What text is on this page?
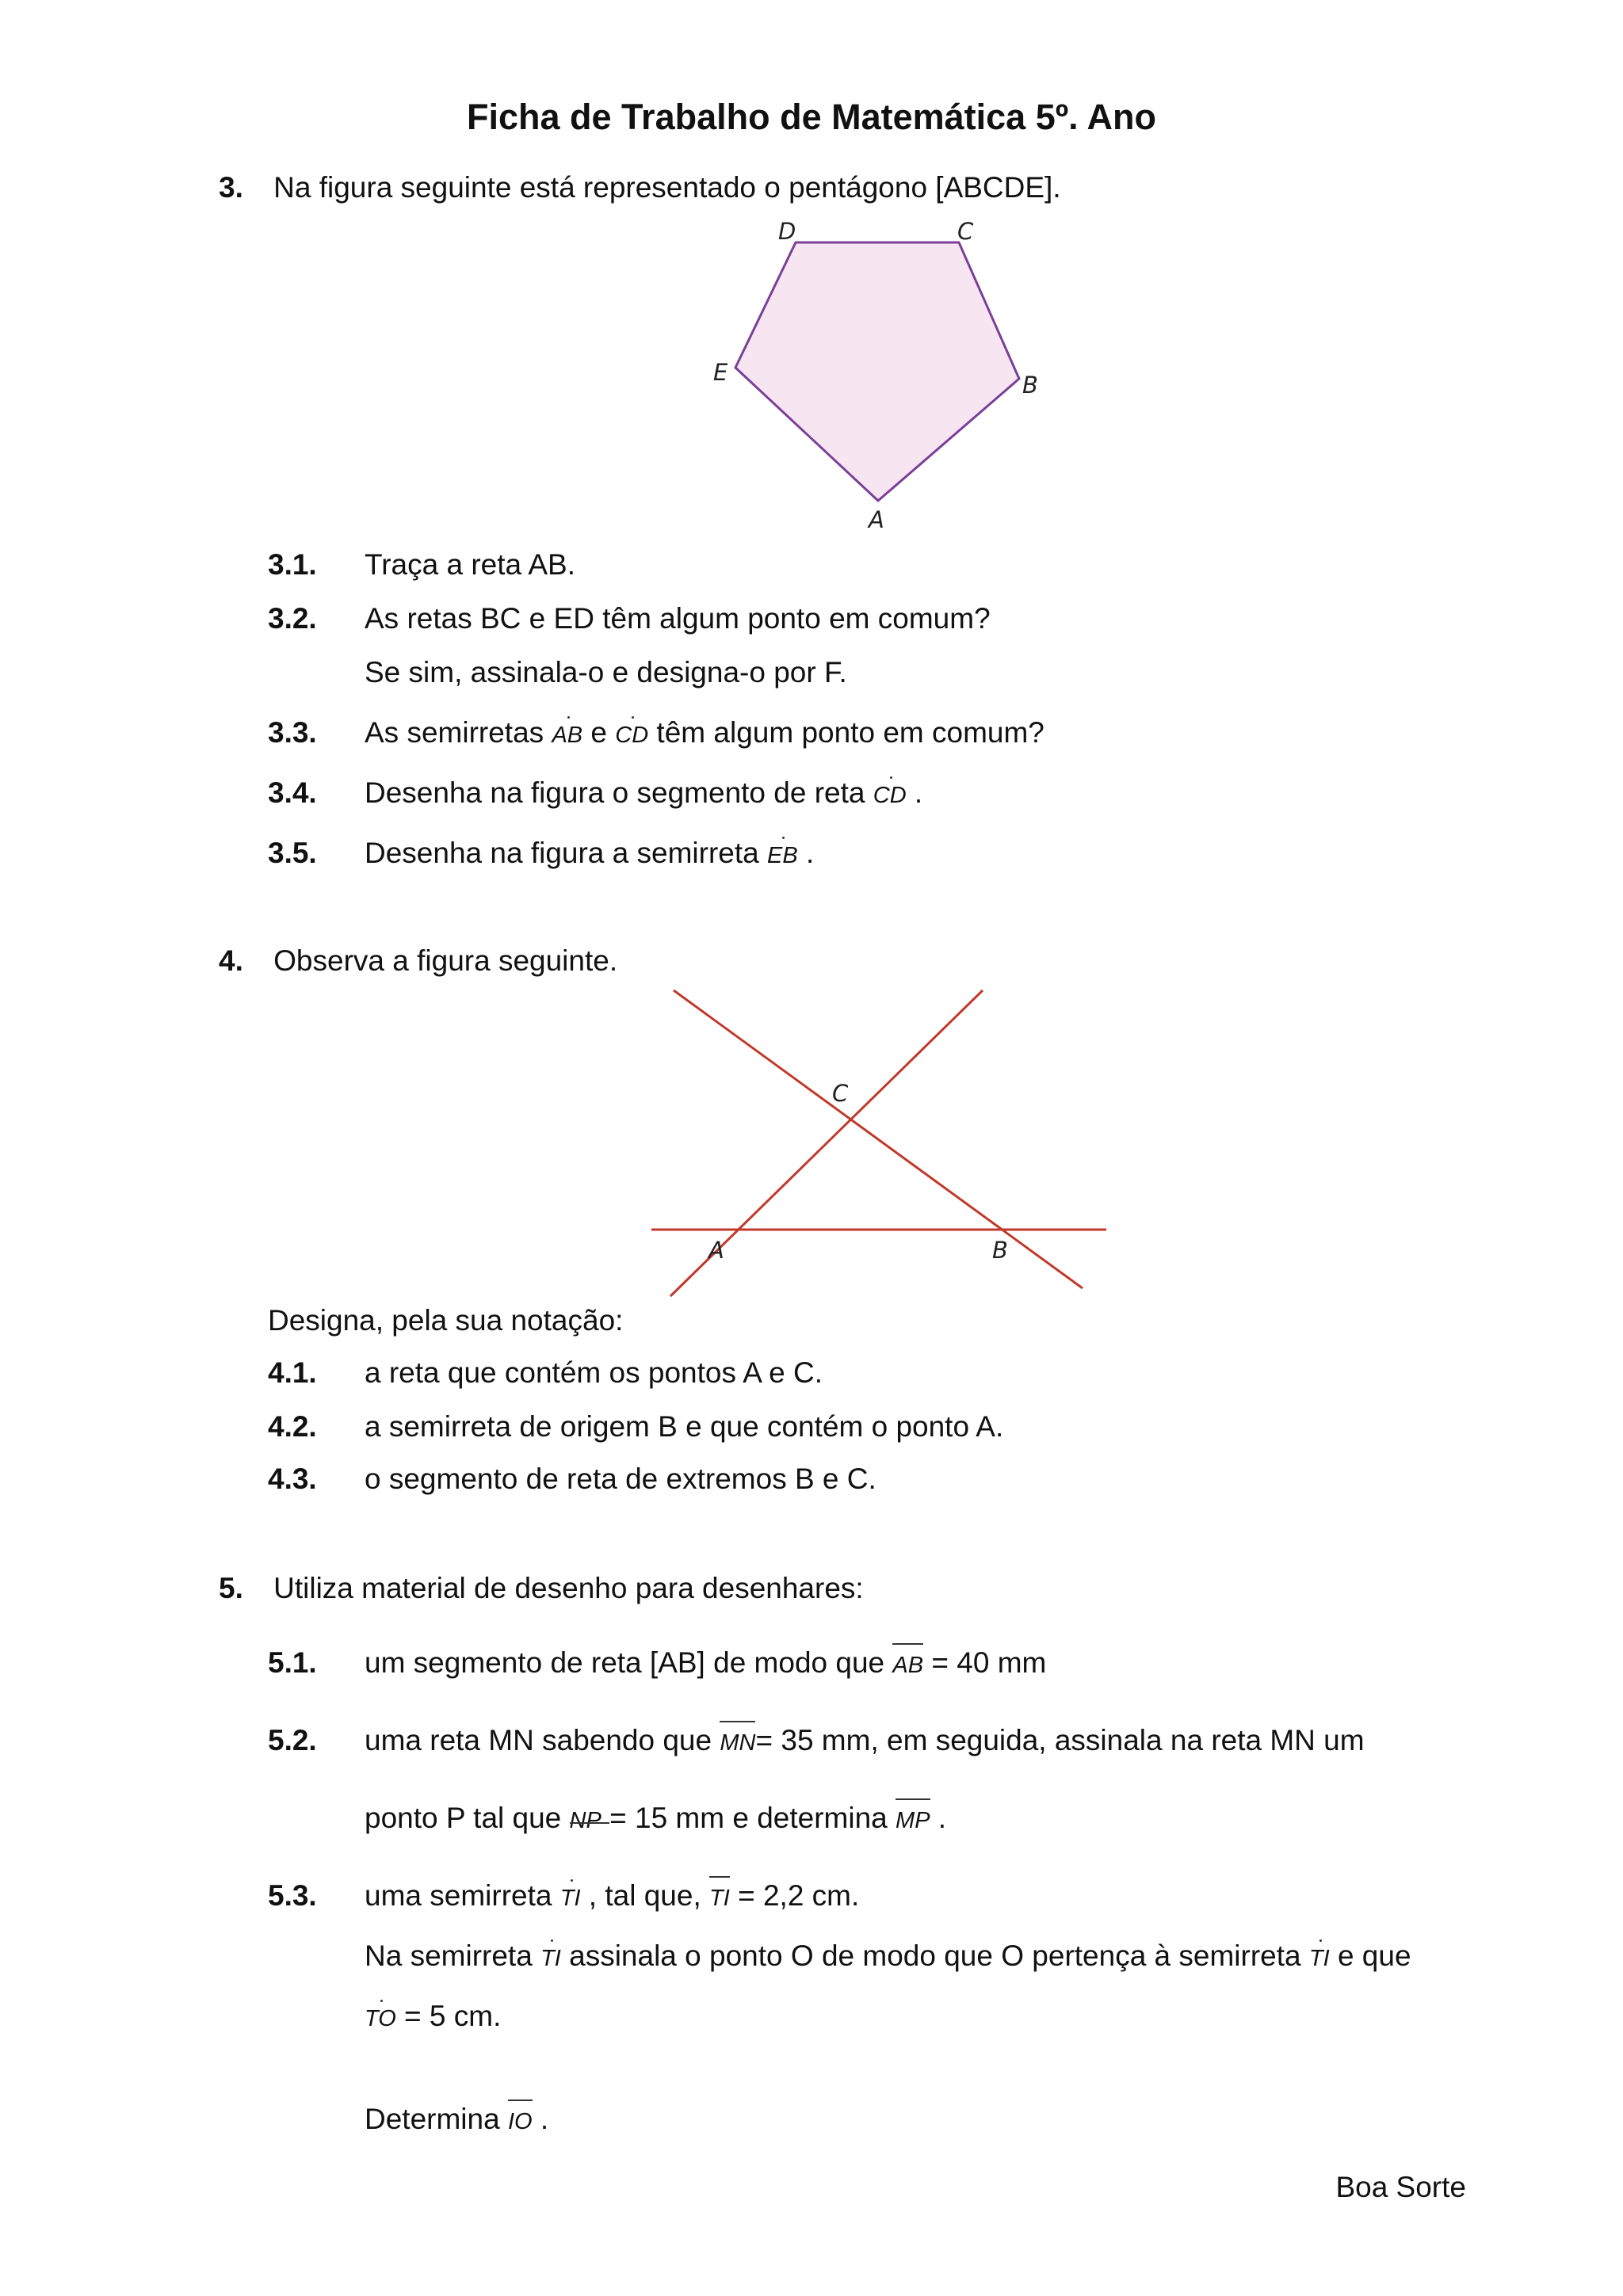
Ficha de Trabalho de Matemática 5º. Ano
3. Na figura seguinte está representado o pentágono [ABCDE].
D	C
E	B
A
3.1. Traça a reta AB.
3.2. As retas BC e ED têm algum ponto em comum?
Se sim, assinala-o e designa-o por F.
3.3. As semirretas AB e CD têm algum ponto em comum?
3.4. Desenha na figura o segmento de reta CD .
3.5. Desenha na figura a semirreta EB .
4. Observa a figura seguinte.
C
A	B
Designa, pela sua notação:
4.1. a reta que contém os pontos A e C.
4.2. a semirreta de origem B e que contém o ponto A.
4.3. o segmento de reta de extremos B e C.
5. Utiliza material de desenho para desenhares:
5.1. um segmento de reta [AB] de modo que AB = 40 mm
5.2. uma reta MN sabendo que MN= 35 mm, em seguida, assinala na reta MN um
ponto P tal que NP = 15 mm e determina MP .
5.3. uma semirreta TI , tal que, TI = 2,2 cm.
Na semirreta TI assinala o ponto O de modo que O pertença à semirreta TI e que
TO = 5 cm.
Determina IO .
Boa Sorte
